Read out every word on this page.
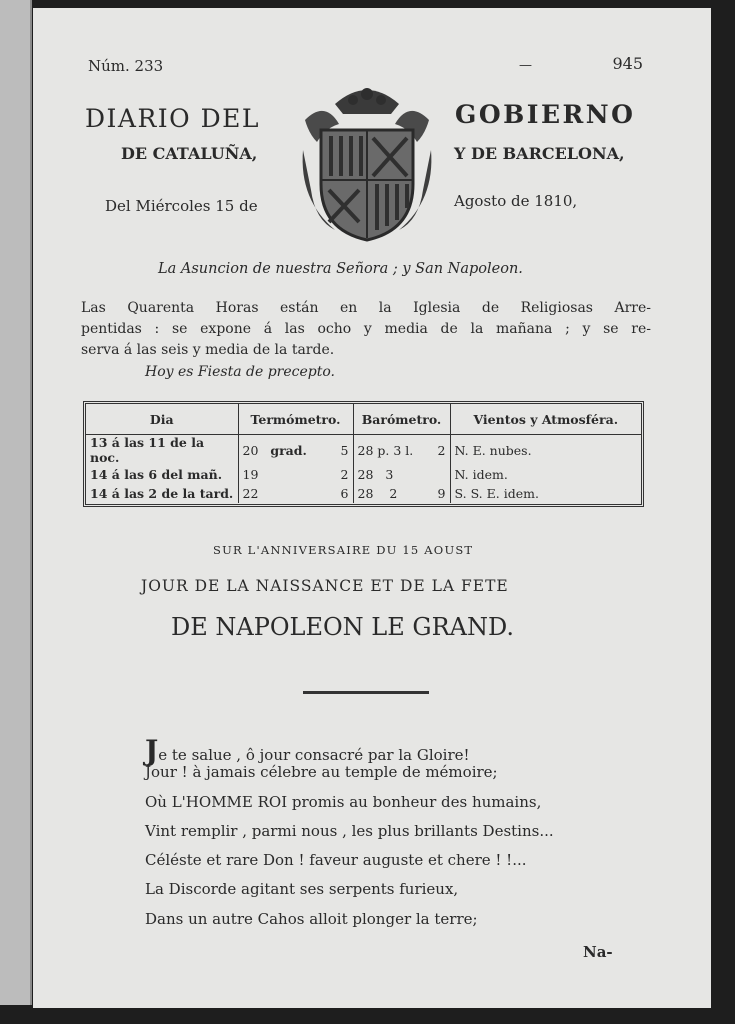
Núm. 233	—	945
DIARIO DEL	GOBIERNO
DE CATALUÑA,	Y DE BARCELONA,
Del Miércoles 15 de	Agosto de 1810,
La Asuncion de nuestra Señora ; y San Napoleon.
Las Quarenta Horas están en la Iglesia de Religiosas Arre-
pentidas : se expone á las ocho y media de la mañana ; y se re-
serva á las seis y media de la tarde.
Hoy es Fiesta de precepto.
Dia	Termómetro.	Barómetro.	Vientos y Atmosféra.
13 á las 11 de la noc.	20 grad. 5	28 p. 3 l. 2	N. E. nubes.
14 á las 6 del mañ.	19 2	28 3	N. idem.
14 á las 2 de la tard.	22 6	28 2 9	S. S. E. idem.
SUR L'ANNIVERSAIRE DU 15 AOUST
JOUR DE LA NAISSANCE ET DE LA FETE
DE NAPOLEON LE GRAND.
Je te salue , ô jour consacré par la Gloire!
Jour ! à jamais célebre au temple de mémoire;
Où L'HOMME ROI promis au bonheur des humains,
Vint remplir , parmi nous , les plus brillants Destins...
Céléste et rare Don ! faveur auguste et chere ! !...
La Discorde agitant ses serpents furieux,
Dans un autre Cahos alloit plonger la terre;
Na-
